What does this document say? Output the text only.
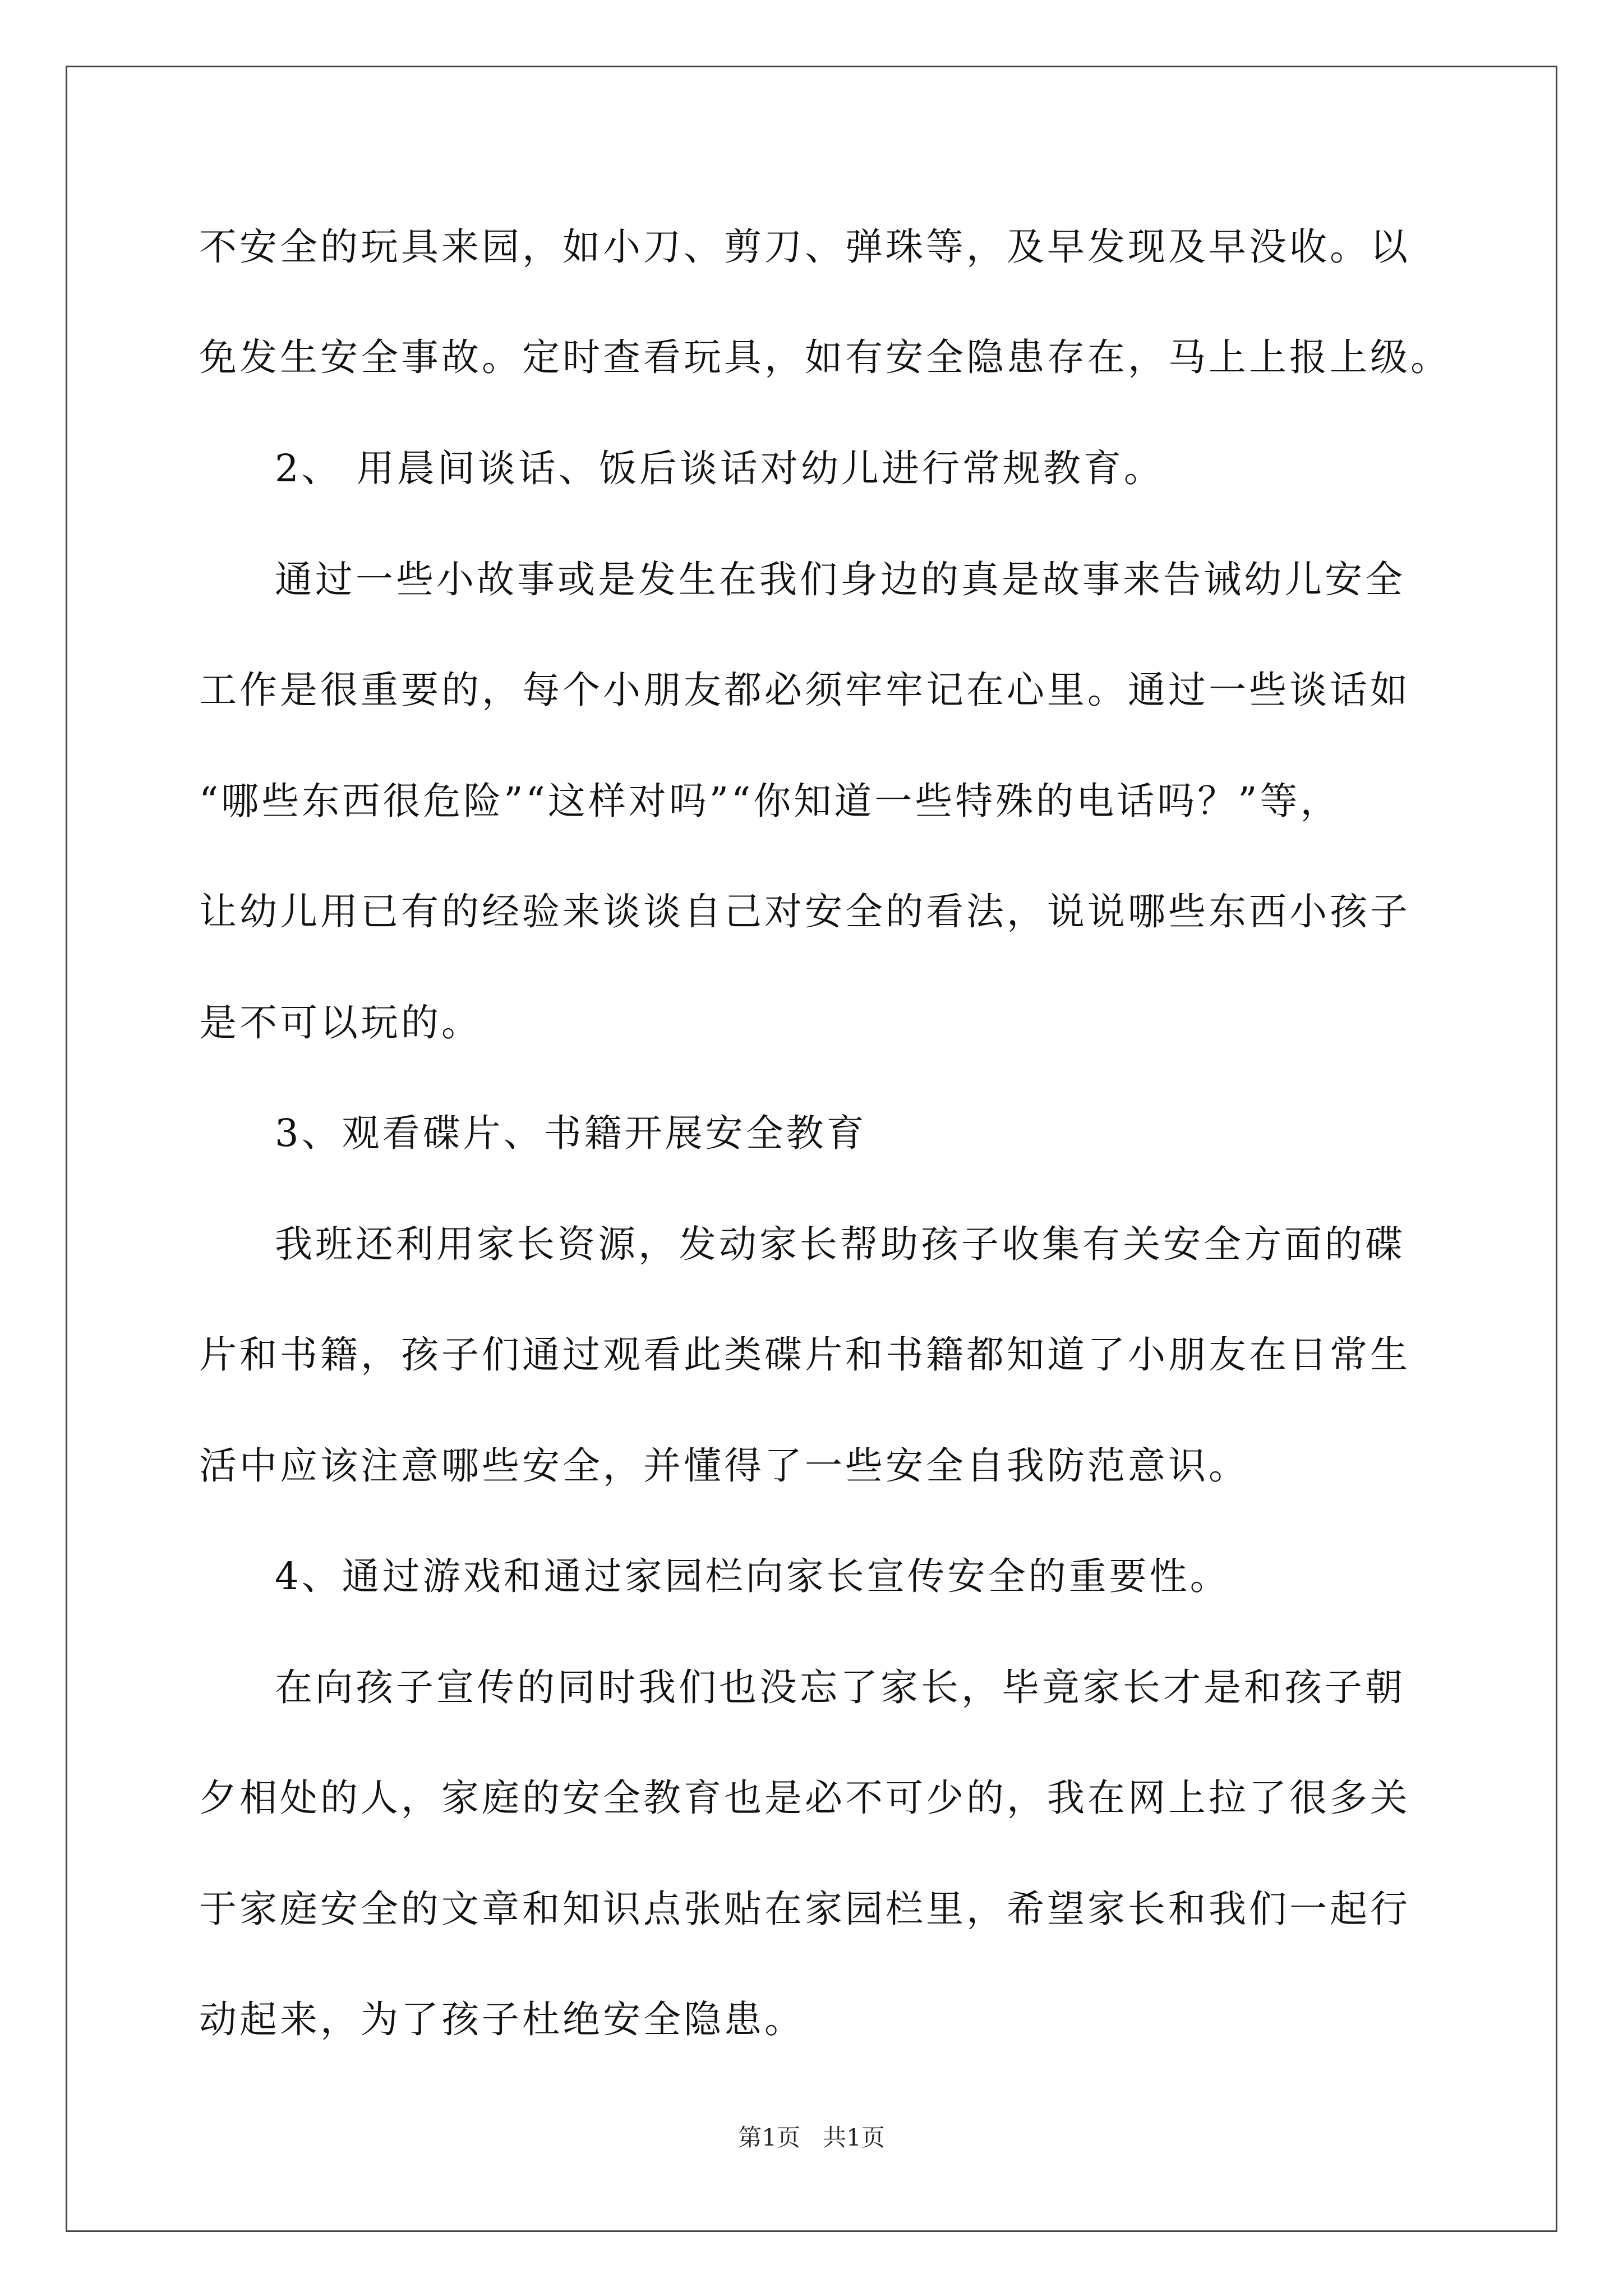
不安全的玩具来园，如小刀、剪刀、弹珠等，及早发现及早没收。以
免发生安全事故。定时查看玩具，如有安全隐患存在，马上上报上级。
2、 用晨间谈话、饭后谈话对幼儿进行常规教育。
通过一些小故事或是发生在我们身边的真是故事来告诫幼儿安全
工作是很重要的，每个小朋友都必须牢牢记在心里。通过一些谈话如
“哪些东西很危险”“这样对吗”“你知道一些特殊的电话吗？”等，
让幼儿用已有的经验来谈谈自己对安全的看法，说说哪些东西小孩子
是不可以玩的。
3、观看碟片、书籍开展安全教育
我班还利用家长资源，发动家长帮助孩子收集有关安全方面的碟
片和书籍，孩子们通过观看此类碟片和书籍都知道了小朋友在日常生
活中应该注意哪些安全，并懂得了一些安全自我防范意识。
4、通过游戏和通过家园栏向家长宣传安全的重要性。
在向孩子宣传的同时我们也没忘了家长，毕竟家长才是和孩子朝
夕相处的人，家庭的安全教育也是必不可少的，我在网上拉了很多关
于家庭安全的文章和知识点张贴在家园栏里，希望家长和我们一起行
动起来，为了孩子杜绝安全隐患。
第1页   共1页
